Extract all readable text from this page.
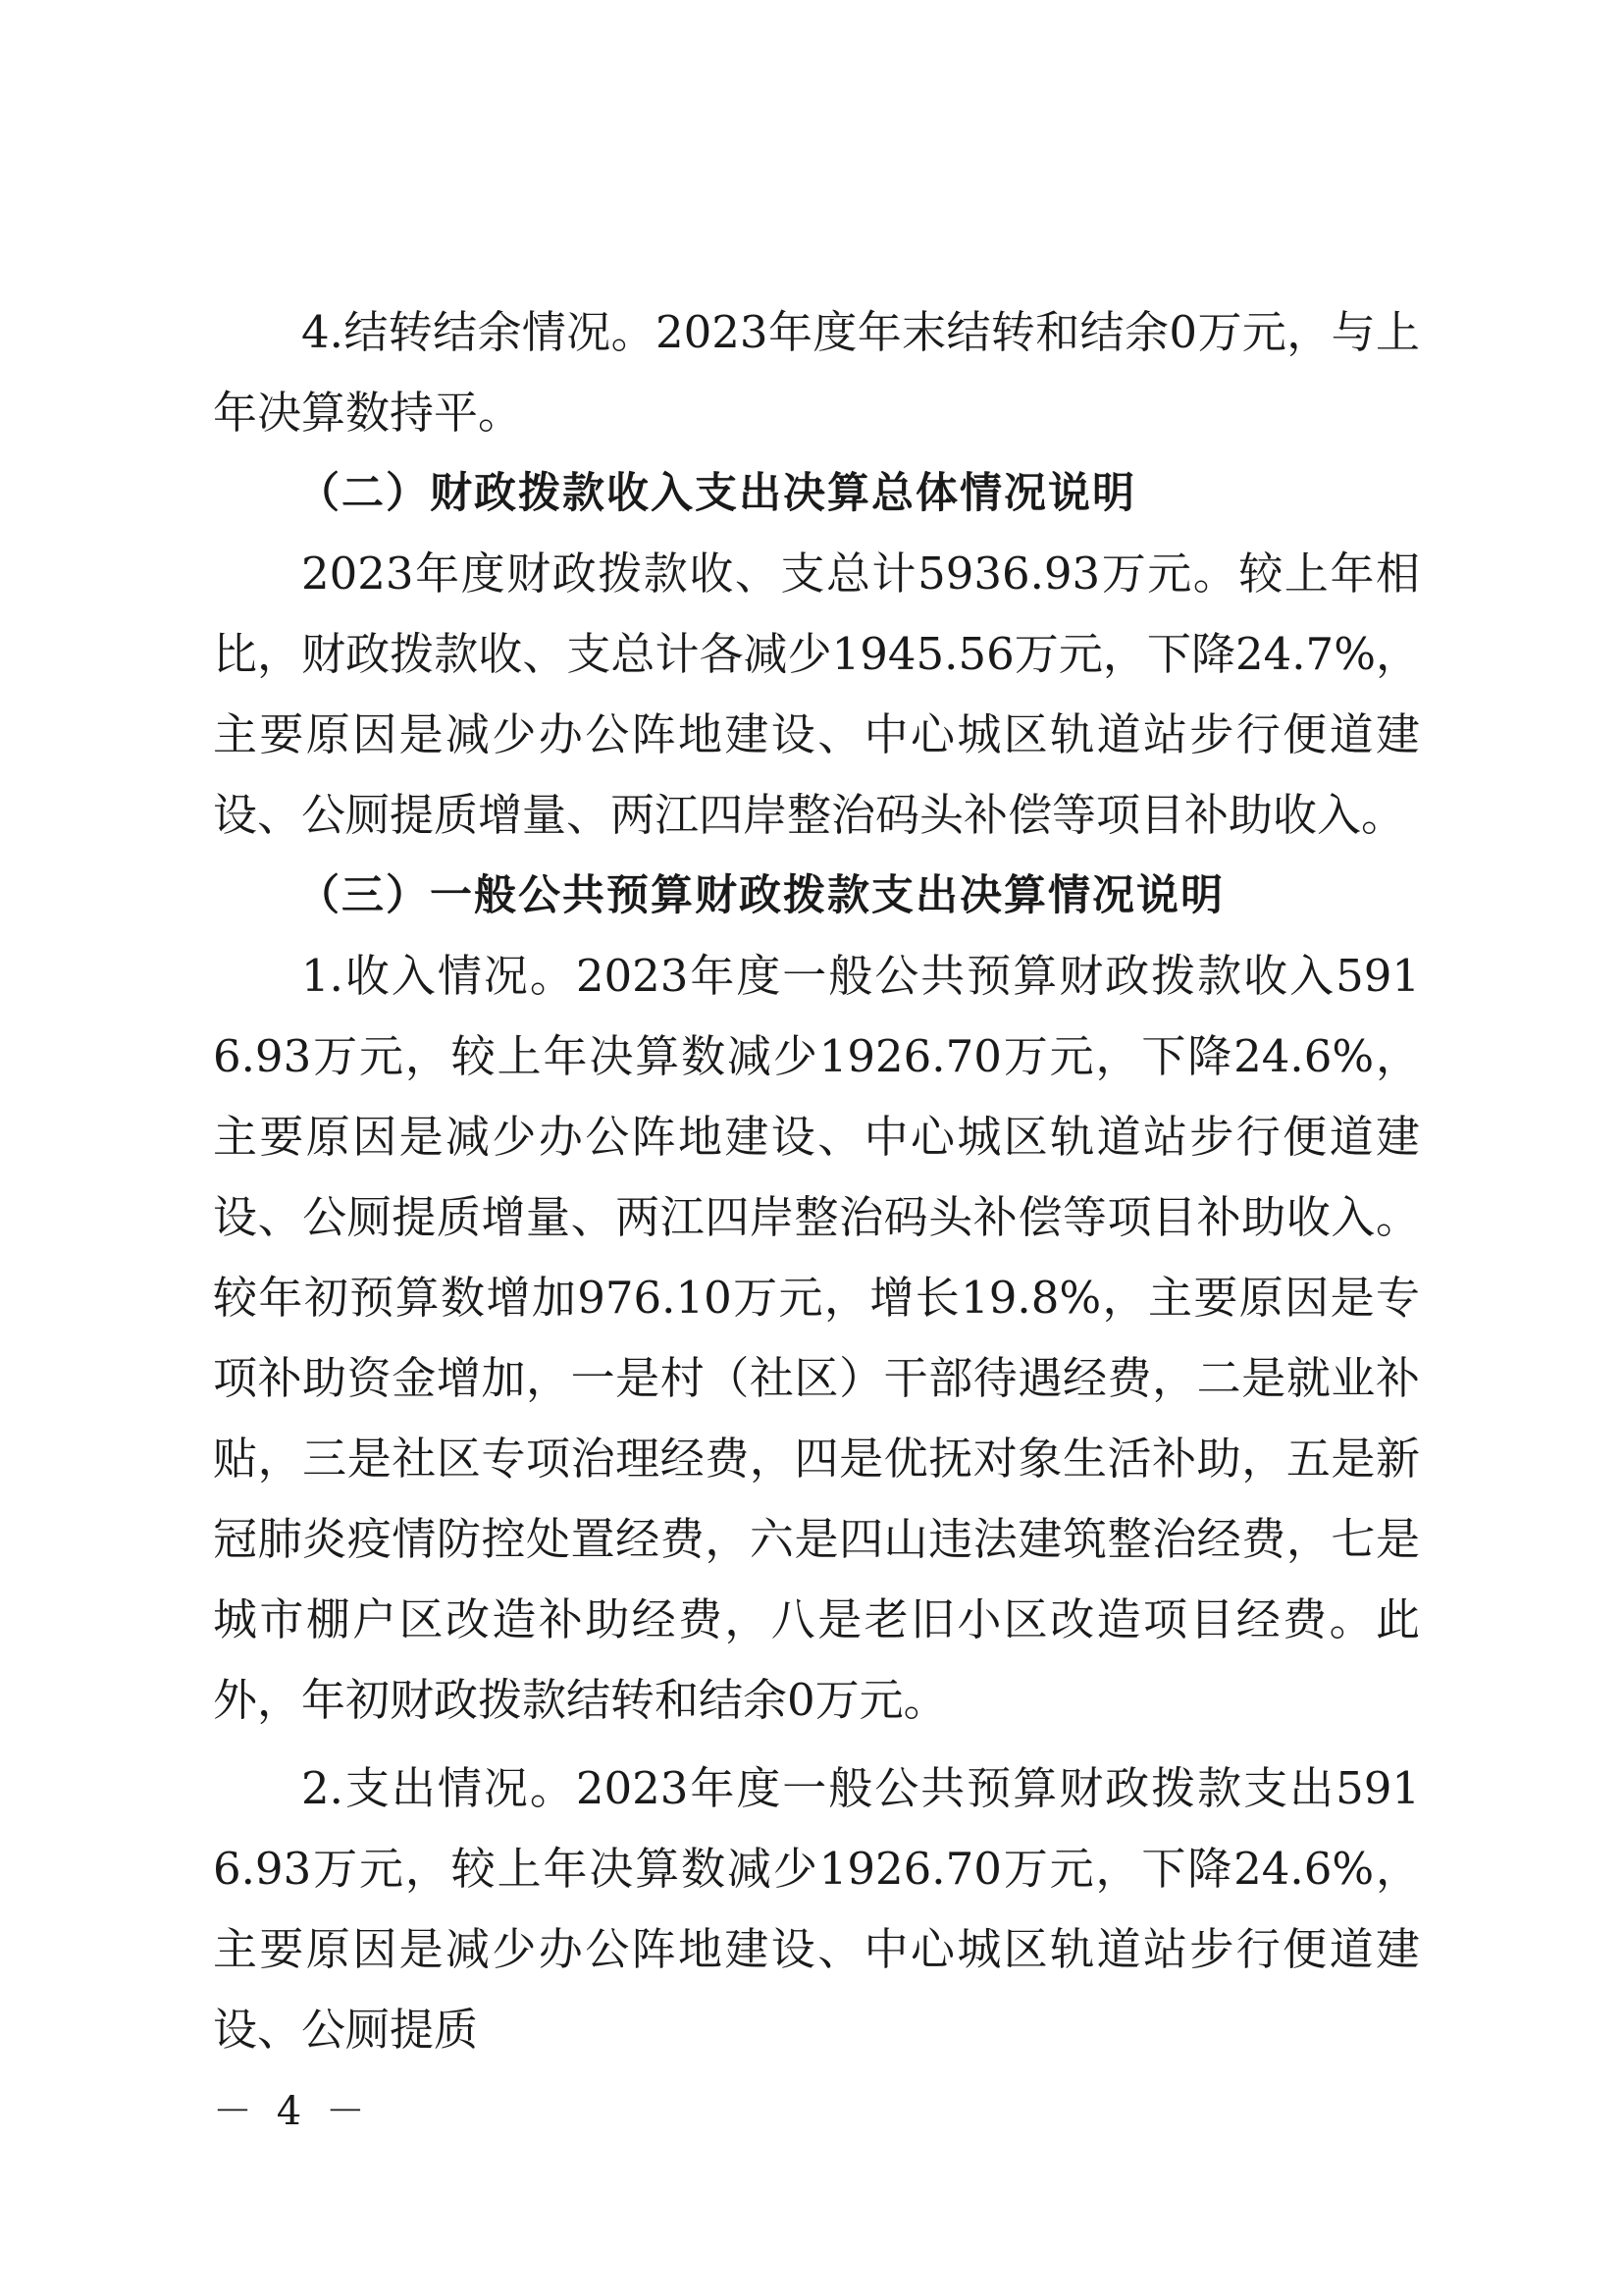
4.结转结余情况。2023年度年末结转和结余0万元，与上年决算数持平。

（二）财政拨款收入支出决算总体情况说明

2023年度财政拨款收、支总计5936.93万元。较上年相比，财政拨款收、支总计各减少1945.56万元，下降24.7%，主要原因是减少办公阵地建设、中心城区轨道站步行便道建设、公厕提质增量、两江四岸整治码头补偿等项目补助收入。

（三）一般公共预算财政拨款支出决算情况说明

1.收入情况。2023年度一般公共预算财政拨款收入5916.93万元，较上年决算数减少1926.70万元，下降24.6%，主要原因是减少办公阵地建设、中心城区轨道站步行便道建设、公厕提质增量、两江四岸整治码头补偿等项目补助收入。较年初预算数增加976.10万元，增长19.8%，主要原因是专项补助资金增加，一是村（社区）干部待遇经费，二是就业补贴，三是社区专项治理经费，四是优抚对象生活补助，五是新冠肺炎疫情防控处置经费，六是四山违法建筑整治经费，七是城市棚户区改造补助经费，八是老旧小区改造项目经费。此外，年初财政拨款结转和结余0万元。

2.支出情况。2023年度一般公共预算财政拨款支出5916.93万元，较上年决算数减少1926.70万元，下降24.6%，主要原因是减少办公阵地建设、中心城区轨道站步行便道建设、公厕提质

－ 4 －
